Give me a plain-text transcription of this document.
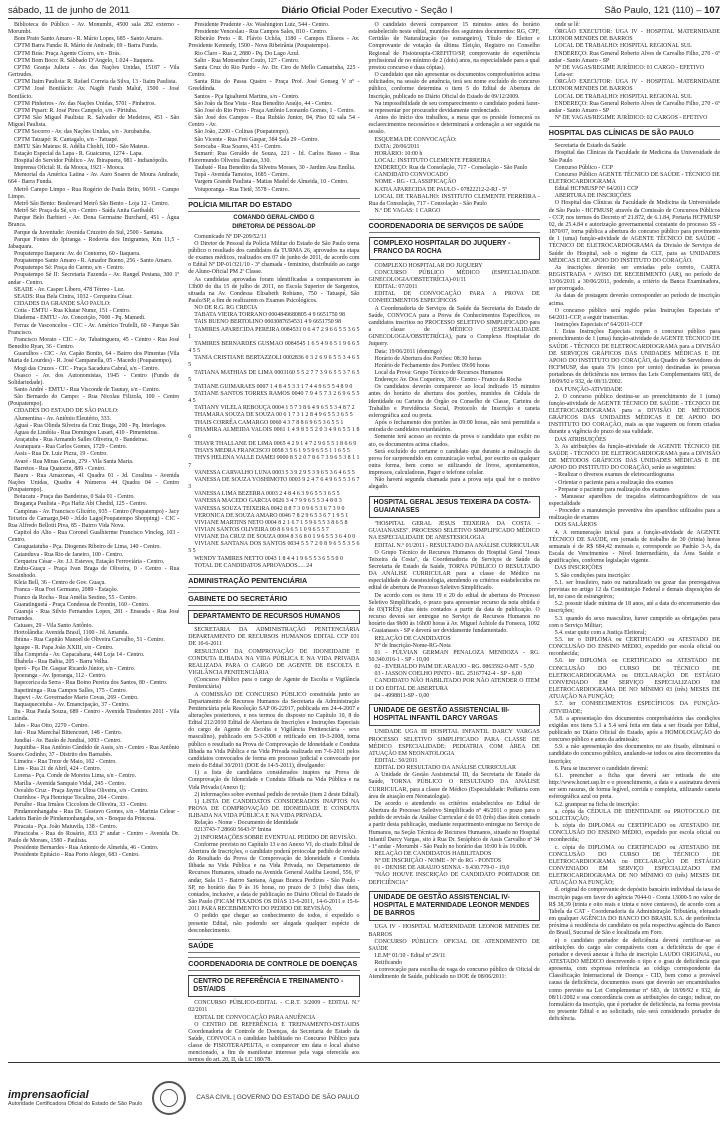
sábado, 11 de junho de 2011	Diário Oficial Poder Executivo - Seção I	São Paulo, 121 (110) – 107

Biblioteca do Público - Av. Monumbi, 4500 sala 282 externo - Morumbi.

Bom Prato Santo Amaro - R. Mário Lopes, 685 - Santo Amaro.

CPTM Barra Funda: R. Mário de Andrade, 69 - Barra Funda.

CPTM Brás: Praça Agente Cícero, s/n - Brás.

CPTM Bom Boco: R. Sábbado D’Angelo, 1.024 - Itaquera.

CPTM Granja Julieta - Av. das Nações Unidas, 15187 - Vila Gertrudes.

CPTM Itaim Paulista: R. Rafael Correia da Silva, 13 - Itaim Paulista.

CPTM José Bonifácio: Av. Nagib Farah Maluf, 1500 - José Bonifácio.

CPTM Pinheiros - Av. das Nações Unidas, 5701 - Pinheiros.

CPTM Pqsart: R. José Pires Campelo, s/n - Pirituba.

CPTM São Miguel Paulista: R. Salvador de Medeiros, 451 - São Miguel Paulista.

CPTM Socorro - Av. das Nações Unidas, s/n - Jurubatuba.

CPTM Tatuapé: R. Cantagalo, s/n - Tatuapé.

EMTU São Mateus: R. Adélia Chohfi, 100 - São Mateus.

Estação Especial da Lapa - R. Guaicurus, 1274 - Lapa.

Hospital do Servidor Público - Av. Ibirapuera, 981 - Indianópolis.

Imprensa Oficial: R. da Mooca, 1921 - Mooca.

Memorial da América Latina - Av. Auro Soares de Moura Andrade, 664 - Barra Funda.

Metrô Campo Limpo - Rua Rogério de Paula Brito, 90/91 - Campo Limpo.

Metrô São Bento: Boulevard Metrô São Bento - Loja 12 - Centro.

Metrô Sé: Praça da Sé, s/n - Centro - Saída Anita Garibaldi.

Parque Belo Barbieri - Av. Dona Germaine Burchard, 451 - Água Branca.

Parque da Juventude: Avenida Cruzeiro do Sul, 2500 - Santana.

Parque Fontes do Ipiranga - Rodovia dos Imigrantes, Km 11,5 - Jabaquara.

Poupatempo Itaquera: Av. do Contorno, 60 - Itaquera.

Poupatempo Santo Amaro - R. Amador Bueno, 256 - Santo Amaro.

Poupatempo Sé: Praça do Carmo, s/n - Centro.

Poupatempo Sé II: Secretaria Fazenda - Av. Rangel Pestana, 300 1º andar - Centro.

SEADE - Av. Casper Líbero, 478 Térreo - Luz.

SEADS: Rua Bela Cintra, 1032 - Cerqueira César.

CIDADES DA GRANDE SÃO PAULO:

Cotia - EMTU - Rua Khatar Nume, 151 - Centro.

Diadema - EMTU - Av. Conceição, 7000 - Pq. Mamedi.

Ferraz de Vasconcelos - CIC - Av. Américo Trufelli, 60 - Parque São Francisco.

Francisco Morato - CIC - Av. Tabatinguera, 45 - Centro - Rua José Benedito Ryan, 36 - Centro.

Guarulhos - CIC - Av. Capão Bonito, 64 - Bairro dos Pimentas (Vila Maria de Lourdes) - R. José Campanella, 05 - Macedo (Poupatempo).

Mogi das Cruzes - CIC - Praça Sacadura Cabral, s/n - Centro.

Osasco - Av. dos Autonomistas, 1945 - Centro (Fundo de Solidariedade).

Santo André - EMTU - Rua Visconde de Taunay, s/n - Centro.

São Bernardo do Campo: - Rua Nicolau Filizola, 100 - Centro (Poupatempo).

CIDADES DO ESTADO DE SÃO PAULO:

Alumentina - Av. Antônio Eleutério, 333.

Aguaí - Rua Olinda Silveira da Cruz Braga, 200 - Pq. Interlagos.

Águas de Lindóia - Rua Domingos Lusari, 410 - Pimenteiras.

Araçatuba - Rua Armando Salles Oliveira, 0 - Bandeiras.

Araraquara - Rua Carlos Gomes, 1729 - Centro.

Assis - Rua Dr. Luiz Pizza, 19 - Centro.

Avaré - Rua Minas Gerais, 279 - Vila Santa Maria.

Barretos - Rua Quatorze, 889 - Centro.

Bauru - Rua Amazonas, 41 Quadra 01 - Jd. Coralina - Avenida Nações Unidas, Quadra 4 Números 44 Quadra 04 - Centro (Poupatempo).

Botucatu - Praça das Bandeiras, 0 Sala 01 - Centro.

Bragança Paulista - Pça Hafiz Abi Chedid, 125 - Centro.

Campinas - Av. Francisco Glicério, 935 - Centro (Poupatempo) - Jacy Teixeira de Camargo,940 - Jd.do Lago(Poupatempo Shopping) - CIC - Rua Alfredo Bellotti Piva, 85 - Bairro Vida Nova.

Capitol do Alto - Rua Coronel Gualhierme Francisco Vincleg, 103 - Centro.

Caraguatatuba - Pça. Diogenes Ribeiro de Lima, 140 - Centro.

Catanduva - Rua Rio de Janeiro, 100 - Centro.

Cerqueira César - Av. J.J. Esteves, Estação Ferroviária - Centro.

Embu-Guaçu - Praça Ivan Braga de Oliveira, 0 - Centro - Rua Sossinhodo.

Kleia Bell, 36 - Centro de Gov. Guaçu.

Franca - Rua Frei Germano, 2089 - Estação.

Franco da Rocha - Rua Amélia Sestino, 55 - Centro.

Guaratinguetá - Praça Condessa de Frontin, 160 - Centro.

Guarujá - Rua Silvio Fernandes Lopes, 281 - Enseada - Rua José Fernandes.

Caiuaes, 29 - Vila Santo Antônio.

Hortolândia: Avenida Brasil, 1100 - Jd. Amanda.

Ibiúna - Rua Capitão Manoel de Oliveira Carvalho, 51 - Centro.

Iguape - R. Papa João XXIII, s/n - Centro.

Ilha Comprida - Av. Capacabana, 440 Loja 14 - Centro.

Ilhabela - Rua Bahia, 205 - Barra Velha.

Iperó - Pça Dr. Gaspar Ricardo Júnior, s/n - Centro.

Ipoeranga - Av. Iporanga, 112 - Centro.

Itapecerica da Serra - Rua Boino Pereira dos Santos, 80 - Centro.

Itapetininga - Rua Campos Salles, 175 - Centro.

Itapevi - Av. Governador Mario Covas, 269 - Centro.

Itaquaquecetuba - Av. Emancipação, 37 - Centro.

Itu - Rua Paula Souza, 689 - Centro - Avenida Tiradentes 2011 - Vila Lucinda.

Jales - Rua Oito, 2270 - Centro.

Jaú - Rua Marechal Bittencourt, 148 - Centro.

Jundiaí - Av. Barão de Jundiaí, 1093 - Centro.

Juquitiba - Rua Antônio Cândido de Assis, s/n - Centro - Rua Antônio Soares Godinho, 37 - Distrito dos Barnabés.

Limeira - Rua Treze de Maio, 102 - Centro.

Lins - Rua 21 de Abril, 424 - Centro.

Lorena - Pça. Conde de Moreira Lima, s/n - Centro.

Marília - Avenida Sampaio Vidal, 245 - Centro.

Osvaldo Cruz - Praça Jayme Ultoa Oliveira, s/n - Centro.

Ourinhos - Pça Henrique Tocalino, 264 - Centro.

Peruíbe - Rua Irmãos Ciccolom de Oliveira, 33 - Centro.

Pindamonhangaba - Rua Dr. Gustavo Gomes, s/n - Marinia Celear - Ladeira Barão de Pindamonhangaba, s/n - Bosque da Princesa.

Piracaia - Pça. João Maiuvila, 138 - Centro.

Piracicaba - Rua do Rosário, 833 2º andar - Centro - Avenida Dr. Paulo de Moraes, 1580 - Paulista.

Presidente Bernardes - Rua Antonio de Almeida, 46 - Centro.

Presidente Epitácio - Rua Porto Alegre, 683 - Centro.

Presidente Prudente - Av. Washington Luiz, 544 - Centro.

Presidente Venceslau - Rua Campos Sales, 810 - Centro.

Ribeirão Preto - R. Flávio Uchôa, 1180 - Campos Elíseos - Av. Presidente Kennedy, 1500 - Nova Ribeirânia (Poupatempo).

Rio Claro - Rua 2, 2880 - Pq. Do Lago Azul.

Salto - Rua Monsenhor Couto, 127 - Centro.

Santa Cruz do Rio Pardo - Av. Dr. Ciro de Mello Camarinha, 225 - Centro.

Santa Rita do Passa Quatro - Praça Prof. José Gonseg V nº - Greeldinda.

Santos - Pça Igualtemi Martins, s/n - Centro.

São João da Boa Vista - Rua Benedito Araújo, 44 - Centro.

São José do Rio Preto - Praça Antônio Leonardo Gomes, 1 - Centro.

São José dos Campos - Rua Rubião Junior, 84, Piso 02 sala 54 - Centro - Av.

São João, 2200 - Colinas (Poupatempo).

São Vicente - Rua Frei Gaspar, 384 Sala 29 - Centro.

Sorocaba - Rua Soares, 431 - Centro.

Sumaré: Rua Geraldo de Souza, 221 - Jd. Carlos Basso - Rua Florermundo Oliveira Dantas, 330.

Taubaté - Rua Benedito da Silveira Moraes, 30 - Jardim Ana Emília.

Tupã - Avenida Tamoios, 1685 - Centro.

Vargem Grande Paulista - Matias Madel de Almeida, 10 - Centro.

Votuporanga - Rua Tietê, 3578 - Centro.

POLÍCIA MILITAR DO ESTADO
COMANDO GERAL-CMDO G
DIRETORIA DE PESSOAL-DP

Comunicado Nº DP-209/52/11

O Diretor de Pessoal da Polícia Militar do Estado de São Paulo torna público o resultado dos candidatos da TURMA 26, aprovados na etapa de exames médicos, realizados em 07 de junho de 2011, de acordo com o Edital Nº DP-01/321/10 - 3º chamada - feminino, distribuído ao cargo de Aluno-Oficial PM 2ª Classe.

As candidatas aprovadas foram identificadas a comparecerem às 13h00 do dia 15 de julho de 2011, no Escola Superior de Sargentos, situada na Av. Condessa Elisabeth Robiano, 750 - Tatuapé, São Paulo/SP, a fim de realizarem os Exames Psicológicos.

NO DE R.G. RG CRECIA

TABATA VIEIRA TORRANO 0004849680805 4 9 6651750 98

TAIS BUENO BERTOLINO 0003087654531 4 9 6651750 98

TAMIRES APARECIDA PEREIRA 0084531 0 6 4 7 2 9 6 6 5 5 3 6 5 1

TAMIRES BERNARDES GUSMAO 0084545 1 6 5 4 9 6 5 1 9 6 6 5 4 5 5

TANIA CRISTIANE BERTAZZOLI 0002836 0 3 2 6 9 6 5 5 3 4 6 5 5

TATIANA MATHIAS DE LIMA 0003160 5 5 2 7 7 3 9 6 5 5 3 7 6 5 5

TATIANE GUIMARAES 0007 1 4 8 4 5 3 3 1 7 4 4 9 6 5 5 4 8 9 0

TATIANE SANTOS TORRES RAMOS 0040 7 9 4 5 7 3 2 6 9 6 5 5 4 5

TATIANY VILELA REBOUÇA 0004 1 5 7 3 8 6 4 9 6 5 5 3 4 8 7 2

THAMARA SOUZA DE SOUZA 00 6 1 7 3 1 2 8 4 9 6 5 5 3 6 5 5

THAIS CORRÊA CAMARGO 0060 4 3 7 8 8 6 9 6 5 3 6 5 5 1

THAMIRA ALMEIDA VALOIS 0061 1 4 9 8 5 5 2 0 3 4 9 6 5 5 1 8 6

THAYR THALLANE DE LIMA 0065 4 2 9 1 4 7 2 9 6 5 5 1 8 6 6 9

THAYS MEDRA FRANCISCO 0058 3 5 6 1 9 5 9 6 5 5 1 1 6 5 5

THYS HELENA VALLE DAMEI 0000 8 5 2 0 7 8 6 7 3 9 6 5 3 8 1 1 7

VANESSA CARVALHO LUNA 0003 5 3 9 2 9 5 3 9 6 5 3 6 4 6 5 5

VANESSA DE SOUZA YOSHIMOTO 0003 9 2 4 7 6 4 9 6 5 5 3 6 7 3

VANESSA LIMA BEZERRA 0003 2 4 8 4 6 3 9 6 5 5 3 6 5 5

VANESSA MACEDO GARCIA 0026 3 4 7 9 9 6 5 5 3 4 8 0 3

VANESSA SOUZA TEIXEIRA 0042 8 8 7 3 0 9 6 5 3 6 7 3 9 0

VERONICA DE SOUZA AMARO 0046 7 8 2 9 6 5 3 6 7 1 9 5 1

VIVIANE MARTINS NETO 0004 8 2 1 6 7 1 5 9 6 5 5 3 8 6 5 8

VIVIAN SANTOS OLIVEIRA 00 8 6 9 6 5 1 0 9 6 5 5 7

VIVIANE DA CRUZ DE SOUZA 0004 8 3 6 8 0 1 9 6 5 5 3 6 4 0 0

VIVIANE SANTANA DOS SANTOS 0034 5 5 7 2 0 8 9 6 5 5 3 5 6 5 5

WENDY TAMIRES NETTO 0043 1 8 4 4 1 9 6 5 5 3 6 5 5 0 0

TOTAL DE CANDIDATOS APROVADOS..... 24

ADMINISTRAÇÃO PENITENCIÁRIA
GABINETE DO SECRETÁRIO
DEPARTAMENTO DE RECURSOS HUMANOS

SECRETARIA DA ADMINISTRAÇÃO PENITENCIÁRIA DEPARTAMENTO DE RECURSOS HUMANOS EDITAL CCP 031 DE 10-6-2011

RESULTADO DA COMPROVAÇÃO DE IDONEIDADE E CONDUTA ILIBADA NA VIDA PÚBLICA E NA VIDA PRIVADA REALIZADA PARA O CARGO DE AGENTE DE ESCOLTA E VIGILÂNCIA PENITENCIÁRIA

(Concurso Público para o cargo de Agente de Escolta e Vigilância Penitenciária)

A COMISSÃO DE CONCURSO PÚBLICO constituída junto ao Departamento de Recursos Humanos da Secretaria da Administração Penitenciária pela Resolução SAP 06-22017, publicada em 24-4-2007 e alterações posteriores, e nos termos do disposto no Capítulo 10, 8 do Edital 212/2010 Edital de Abertura de Inscrições e Instruções Especiais do cargo de Agente de Escolta e Vigilância Penitenciária - sexo masculino), publicado em 5-3-2008 e retificado em 19-3-2008, torna público o resultado na Prova de Comprovação de Idoneidade e Conduta Ilibada na Vida Pública e na Vida Privada realizada em 7-6-2011 pelos candidatos convocados de forma em processo judicial e convocado por meio do Edital 30/2011 (DOE de 14-5-2011), divulgando:

1) a lista de candidatos considerados inaptos na Prova de Comprovação de Idoneidade e Conduta Ilibada na Vida Pública e na Vida Privada (Anexo I);

2) informações sobre eventual pedido de revisão (item 2 deste Edital).

1) LISTA DE CANDIDATOS CONSIDERADOS INAPTOS NA PROVA DE COMPROVAÇÃO DE IDONEIDADE E CONDUTA ILIBADA NA VIDA PÚBLICA E NA VIDA PRIVADA.

Relação - Nome - Documento de Identidade

0213743-7 28660 5643-5º Imina

2) INFORMAÇÕES SOBRE EVENTUAL PEDIDO DE REVISÃO.

Conforme previsto no Capítulo 13 e no Anexo VI, do citado Edital de Abertura de Inscrições, o candidato poderá protocolar pedido de revisão do Resultado da Prova de Comprovação de Idoneidade e Conduta Ilibada na Vida Pública e na Vida Privada, no Departamento de Recursos Humanos, situado na Avenida General Ataliba Leonel, 556, 6º andar, Sala 13 - Bairro Santana, Aguas Branca Perdizes - São Paulo - SP, no horário das 9 às 16 horas, no prazo de 3 (três) dias úteis, contados, inclusive, a data de publicação no Diário Oficial do Estado de São Paulo (FICAM FIXADOS OS DIAS 13-6-2011, 14-6-2011 e 15-6-2011 PARA RECEBIMENTO DO PEDIDO DE REVISÃO).

O pedido que chegar ao conhecimento de todos, é expedido o presente Edital, não podendo ser alegada qualquer espécie de desconhecimento.

SAÚDE
COORDENADORIA DE CONTROLE DE DOENÇAS
CENTRO DE REFERÊNCIA E TREINAMENTO - DST/AIDS

CONCURSO PÚBLICO-EDITAL - C.R.T. 3/2009 - EDITAL N.º 02/2011

EDITAL DE CONVOCAÇÃO PARA ANUÊNCIA

O CENTRO DE REFERÊNCIA E TREINAMENTO-DST/AIDS Coordenadoria de Controle de Doenças, da Secretaria de Estado da Saúde, CONVOCA o candidato habilitado no Concurso Público para classe de FISIOTERAPEUTA, e comparecer em data e local abaixo mencionado, a fim de manifestar interesse pela vaga oferecida aos termos do art. 20, II, da LC 180/78.

O candidato deverá comparecer 15 minutos antes do horário estabelecido neste edital, munidos dos seguintes documentos: RG, CPF, Certidão de Naturalização (se estrangeiro), Título de Eleitor e Comprovante de votação da última Eleição, Registro no Conselho Regional de Fisioterapia-CREFITO/SP, comprovante de experiência profissional de no mínimo de 2 (dois) anos, na especialidade para a qual prestou concurso e duas cópias).

O candidato que não apresentar os documentos comprobatórios acima solicitados, na sessão de anuência, terá seu nome excluído do concurso público, conforme determina o item 5 do Edital de Abertura de Inscrição, publicado no Diário Oficial do Estado de 09/12/2009.

Na impossibilidade de seu comparecimento o candidato poderá fazer-se representar por procurador devidamente credenciado.

Antes do início dos trabalhos, a mesa que os preside fornecerá os esclarecimentos necessários e determinará a ordenação a ser seguida na sessão.

ESQUEMA DE CONVOCAÇÃO:

DATA: 20/06/2011

HORÁRIO: 10:00 h

LOCAL: INSTITUTO CLEMENTE FERREIRA

ENDEREÇO: Rua da Consolação, 717 - Consolação - São Paulo

CANDIDATO CONVOCADO

NOME - RG - CLASSIFICAÇÃO

KATIA APARECIDA DE PAULO - 07822212-2-RJ - 5º

LOCAL DE TRABALHO: INSTITUTO CLEMENTE FERREIRA - Rua da Consolação, 717 - Consolação - São Paulo

N.º DE VAGAS: 1 CARGO

COORDENADORIA DE SERVIÇOS DE SAÚDE
COMPLEXO HOSPITALAR DO JUQUERY - FRANCO DA ROCHA

COMPLEXO HOSPITALAR DO JUQUERY

CONCURSO PÚBLICO MÉDICO (ESPECIALIDADE GINECOLOGIA/OBSTETRÍCIA)-01/11

EDITAL: 07/2011

EDITAL DE CONVOCAÇÃO PARA A PROVA DE CONHECIMENTOS ESPECÍFICOS

A Coordenadoria de Serviços de Saúde da Secretaria do Estado de Saúde, CONVOCA para a Prova de Conhecimentos Específicos, os candidatos inscritos no PROCESSO SELETIVO SIMPLIFICADO para a classe de MÉDICO (ESPECIALIDADE GINECOLOGIA/OBSTETRÍCIA), para o Complexo Hospitalar do Juquery.

Data: 19/06/2011 (domingo)

Horário de Abertura dos Portões: 08:30 horas

Horário de Fechamento dos Portões: 09:00 horas

Local da Prova: Grupo Técnico de Recursos Humanos

Endereço: Av. Dos Coqueiros, 300 - Centro - Franco da Rocha

Os candidatos deverão comparecer ao local indicado 15 minutos antes do horário de abertura dos portões, munidos de Cédula de Identidade ou Carteira de Órgão ou Conselho de Classe, Carteira de Trabalho e Previdência Social, Protocolo de Inscrição e caneta esferográfica azul ou preta.

Após o fechamento dos portões às 09:00 horas, não será permitida a entrada de candidatos retardatários.

Somente terá acesso ao recinto da prova o candidato que exibir no ato, os documentos acima citados.

Será excluído do certame o candidato que durante a realização da prova for surpreendido em comunicação verbal, por escrito ou qualquer outra forma, bem como se utilizando de livros, apontamentos, impressos, calculadoras, Pager e telefone celular.

Não haverá segunda chamada para a prova seja qual for o motivo alegado.

HOSPITAL GERAL JESUS TEIXEIRA DA COSTA-GUAIANASES

"HOSPITAL GERAL JESUS TEIXEIRA DA COSTA - GUAIANASES". PROCESSO SELETIVO SIMPLIFICADO MÉDICO NA ESPECIALIDADE DE ANESTESIOLOGIA

EDITAL N.º 01/2011 - RESULTADO DA ANÁLISE CURRICULAR

O Grupo Técnico de Recursos Humanos do Hospital Geral "Jesus Teixeira da Costa", da Coordenadoria de Serviços de Saúde da Secretaria de Estado da Saúde, TORNA PÚBLICO O RESULTADO DA ANÁLISE CURRICULAR para a classe de Médico na especialidade de Anestesiologia, atendendo os critérios estabelecidos no edital de abertura de Processo Seletivo Simplificado.

De acordo com os itens 19 e 20 do edital de abertura do Processo Seletivo Simplificado, o prazo para apresentar recurso da nota obtida é de 03(TRÊS) dias úteis contados a partir da data de publicação. O recurso deverá ser entregue no Serviço de Recursos Humanos no horário das 9h00 às 16h00 horas à Av. Miguel Achiole da Fonseca, 1092 - Guaianases - SP e deverá ser devidamente fundamentado.

RELAÇÃO DE CANDIDATOS

Nº de Inscrição-Nome-RG-Nota

01 - FÚLVIAN GERMAN PENALOZA MENDOZA - RG. 50.340.016-1 - SP - 10,00

02 - EVERALDO PAIM DE ARAUJO - RG. 0863592-0-MT - 5,50

03 - JASSON COELHO PINTO - RG. 25167742-4 - SP - 6,00

CANDIDATO NÃO HABILITADO POR NÃO ATENDER O ITEM 11 DO EDITAL DE ABERTURA

04 - 4998811-SP - 0,00

UNIDADE DE GESTÃO ASSISTENCIAL III-HOSPITAL INFANTIL DARCY VARGAS

UNIDADE UGA III HOSPITAL INFANTIL DARCY VARGAS PROCESSO SELETIVO SIMPLIFICADO PARA CLASSE DE MÉDICO ESPECIALIDADE: PEDIATRIA COM ÁREA DE ATUAÇÃO EM NEONATOLOGIA

EDITAL: 50/2011

EDITAL DO RESULTADO DA ANÁLISE CURRICULAR

A Unidade de Gestão Assistencial III, da Secretaria de Estado da Saúde, TORNA PÚBLICO O RESULTADO DA ANÁLISE CURRICULAR, para a classe de Médico (Especialidade: Pediatria com área de atuação em Neonatologia).

De acordo o atendendo os critérios estabelecidos no Edital de Abertura de Processo Seletivo Simplificado nº 46/2011 o prazo para o pedido de revisão da Análise Curricular é de 03 (três) dias úteis contado a partir desta publicação, mediante requerimento entregue no Serviço de Humanos, na Seção Técnica de Recursos Humanos, situado no Hospital Infantil Darcy Vargas, sito à Rua Dr. Seráphico de Assis Carvalho nº 34 - 1º andar - Morumbi - São Paulo no horário das 10:00 h às 16:00h.

RELAÇÃO DE CANDIDATOS HABILITADOS

Nº DE INSCRIÇÃO - NOME - Nº do RG - PONTOS

01 - DENISE DE ARAUJO SENNA - 9.430.779-0 - 19,0

"NÃO HOUVE INSCRIÇÃO DE CANDIDATO PORTADOR DE DEFICIÊNCIA"

UNIDADE DE GESTÃO ASSISTENCIAL IV-HOSPITAL E MATERNIDADE LEONOR MENDES DE BARROS

UGA IV - HOSPITAL MATERNIDADE LEONOR MENDES DE BARROS

CONCURSO PÚBLICO: OFICIAL DE ATENDIMENTO DE SAÚDE

I.E.M° 01/10 - Edital nº 29/11

Retificando

a convocação para escolha de vaga do concurso público de Oficial de Atendimento de Saúde, publicado no DOE de 08/06/2011:

onde se lê:

ÓRGÃO EXECUTOR: UGA IV - HOSPITAL MATERNIDADE LEONOR MENDES DE BARROS

LOCAL DE TRABALHO: HOSPITAL REGIONAL SUL

ENDEREÇO: Rua General Roberto Alves de Carvalho Filho, 270 - 6º andar - Santo Amaro - SP

Nº DE VAGAS/REGIME JURÍDICO: 01 CARGO - EFETIVO

Leia-se:

ÓRGÃO EXECUTOR: UGA IV - HOSPITAL MATERNIDADE LEONOR MENDES DE BARROS

LOCAL DE TRABALHO: HOSPITAL REGIONAL SUL

ENDEREÇO: Rua General Roberto Alves de Carvalho Filho, 270 - 6º andar - Santo Amaro - SP

Nº DE VAGAS/REGIME JURÍDICO: 02 CARGOS - EFETIVO

HOSPITAL DAS CLÍNICAS DE SÃO PAULO

Secretaria de Estado da Saúde

Hospital das Clínicas da Faculdade de Medicina da Universidade de São Paulo

Concurso Público - CCP

Concurso Público AGENTE TÉCNICO DE SAÚDE - TÉCNICO DE ELETROCARDIOGRAMA

Edital HCFMUSP Nº 64/2011 CCP

ABERTURA DE INSCRIÇÕES

O Hospital das Clínicas da Faculdade de Medicina da Universidade de São Paulo - HCFMUSP, através da Comissão de Concursos Públicos - CCP, nos termos do Decreto nº 21.872, de 6.1.84, Portaria HCFMUSP 02, de 25.4.84 e autorização governamental constante do processo SS - 1870/07, torna pública a abertura do concurso público para provimento de 1 (uma) função-atividade de AGENTE TÉCNICO DE SAÚDE - TÉCNICO DE ELETROCARDIOGRAMA da Divisão de Serviços de Saúde do Hospital, sob o regime da CLT, para as UNIDADES MÉDICAS E DE APOIO DO INSTITUTO DO CORAÇÃO.

As inscrições deverão ser enviadas pelo correio, CARTA REGISTRADA + AVISO DE RECEBIMENTO (AR), no período de 13/06/2011 a 30/06/2011, podendo, a critério da Banca Examinadora, ser prorrogado.

As datas de postagem deverão corresponder ao período de inscrição acima.

O concurso público será regido pelas Instruções Especiais nº 64/2011-CCP, a seguir transcritas.

Instruções Especiais nº 64/2011-CCP

I. Estas Instruções Especiais regem o concurso público para preenchimento de 1 (uma) função-atividade de AGENTE TÉCNICO DE SAÚDE - TÉCNICO DE ELETROCARDIOGRAMA para a DIVISÃO DE SERVIÇOS GRÁFICOS DAS UNIDADES MÉDICAS E DE APOIO DO INSTITUTO DO CORAÇÃO, da Quadro de Servidores do HCFMUSP, das quais 5% (cinco por cento) destinadas às pessoas portadoras de deficiência nos termos das Leis Complementares 683, de 18/09/92 e 932, de 08/11/2002.

DA FUNÇÃO-ATIVIDADE

2. O concurso público destina-se ao preenchimento de 1 (uma) função-atividade de AGENTE TÉCNICO DE SAÚDE - TÉCNICO DE ELETROCARDIOGRAMA para a DIVISÃO DE MÉTODOS GRÁFICOS DAS UNIDADES MÉDICAS E DE APOIO DO INSTITUTO DO CORAÇÃO, mais as que vagarem ou forem criadas durante a vigência do prazo de sua validade.

DAS ATRIBUIÇÕES

3. As atribuições da função-atividade de AGENTE TÉCNICO DE SAÚDE - TÉCNICO DE ELETROCARDIOGRAMA para a DIVISÃO DE MÉTODOS GRÁFICOS DAS UNIDADES MÉDICAS E DE APOIO DO INSTITUTO DO CORAÇÃO, serão as seguintes:

- Realizar o diversos exames de eletrocardiograma

- Orientar o paciente para a realização dos exames

- Preparar o paciente para realização dos exames

- Manusear aparelhos de traçados eletrocardiográficos de sua especialidade

- Proceder a manutenção preventiva dos aparelhos utilizados para a realização de exames

DOS SALÁRIOS

4. A remuneração inicial para a função-atividade de AGENTE TÉCNICO DE SAÚDE, em jornada de trabalho de 30 (trinta) horas semanais é de R$ 684,42 mensais e, corresponde ao Padrão 3-A, da Escala de Vencimentos - Nível Intermediário, da Área Saúde e gratificações, conforme legislação vigente.

DAS INSCRIÇÕES

5. São condições para inscrição:

5.1. ser brasileiro, nato ou naturalizado ou gozar das prerrogativas previstas no artigo 12 da Constituição Federal e demais disposições de lei, no caso de estrangeiros;

5.2. possuir idade mínima de 18 anos, até a data do encerramento das inscrições;

5.3. quando do sexo masculino, haver cumprido as obrigações para com o Serviço Militar;

5.4. estar quite com a Justiça Eleitoral;

5.5. ter o DIPLOMA ou CERTIFICADO ou ATESTADO DE CONCLUSÃO DO ENSINO MÉDIO, expedido por escola oficial ou reconhecida;

5.6. ter DIPLOMA ou CERTIFICADO ou ATESTADO DE CONCLUSÃO DO CURSO DE TÉCNICO DE ELETROCARDIOGRAMA ou DECLARAÇÃO DE ESTÁGIO CONVENIADO EM SERVIÇO ESPECIALIZADO EM ELETROCARDIOGRAMA DE NO MÍNIMO 03 (três) MESES DE ATUAÇÃO NA FUNÇÃO;

5.7. ter CONHECIMENTOS ESPECÍFICOS DA FUNÇÃO-ATIVIDADE;

5.8. a apresentação dos documentos comprobatórios das condições exigidas nos itens 5.1 a 5.4 será feita em data a ser fixada por Edital, publicado no Diário Oficial do Estado, após a HOMOLOGAÇÃO do concurso público e antes da admissão;

5.9. a não apresentação dos documentos no ato fixado, eliminará o candidato do concurso público, anulando-se todos os atos decorrentes da inscrição;

6. Para se inscrever o candidato deverá:

6.1. preencher a ficha que deverá ser retirada do site http://www.hcnet.usp.br e o preenchimento, a data e a assinatura deverá ser sem rasuras, de forma legível, corrida e completa, utilizando caneta esferográfica azul ou preta.

6.2. grampear na ficha de inscrição:

a. cópia da CÉDULA DE IDENTIDADE ou PROTOCOLO DE SOLICITAÇÃO;

b. cópia do DIPLOMA ou CERTIFICADO ou ATESTADO DE CONCLUSÃO DO ENSINO MÉDIO, expedido por escola oficial ou reconhecida;

c. cópia do DIPLOMA ou CERTIFICADO ou ATESTADO DE CONCLUSÃO DO CURSO DE TÉCNICO DE ELETROCARDIOGRAMA ou DECLARAÇÃO DE ESTÁGIO CONVENIADO EM SERVIÇO ESPECIALIZADO EM ELETROCARDIOGRAMA DE NO MÍNIMO 03 (três) MESES DE ATUAÇÃO NA FUNÇÃO;

d. original do comprovante de depósito bancário individual da taxa de inscrição paga em favor do agência 7044-0 - Conta 13000-5 no valor de R$ 38,39 (trinta e oito reais e trinta e nove centavos), de acordo com a Tabela da CAT - Coordenadoria da Administração Tributária, efetuado em qualquer AGÊNCIA DO BANCO DO BRASIL S.A. de preferência próxima à residência do candidato ou pela respectiva agência do Banco do Brasil, Sucursal de São e localizada em Foro.

e) o candidato portador de deficiência deverá certificar-se as atribuições do cargo são compatíveis com a deficiência de que é portador e deverá anexar à ficha de inscrição LAUDO ORIGINAL, ou ATESTADO MÉDICO descrevendo o tipo e o grau de deficiência que apresenta, com expressa referência ao código correspondente da Classificação Internacional de Doença - CID, bem como a provável causa da deficiência, documentos esses que deverão ser encaminhados como previsto na Lei Complementar nº 683, de 18/09/92 e 932, de 08/11/2002 e sua concordância com as atribuições do cargo; indicar, no formulário da inscrição, que é portador de deficiência, na forma prevista no presente Edital e ao solicitado, não será considerado portador de deficiência.

imprensaoficial
Autoridade Certificadora Oficial do Estado de São Paulo
CASA CIVIL | GOVERNO DO ESTADO DE SÃO PAULO
